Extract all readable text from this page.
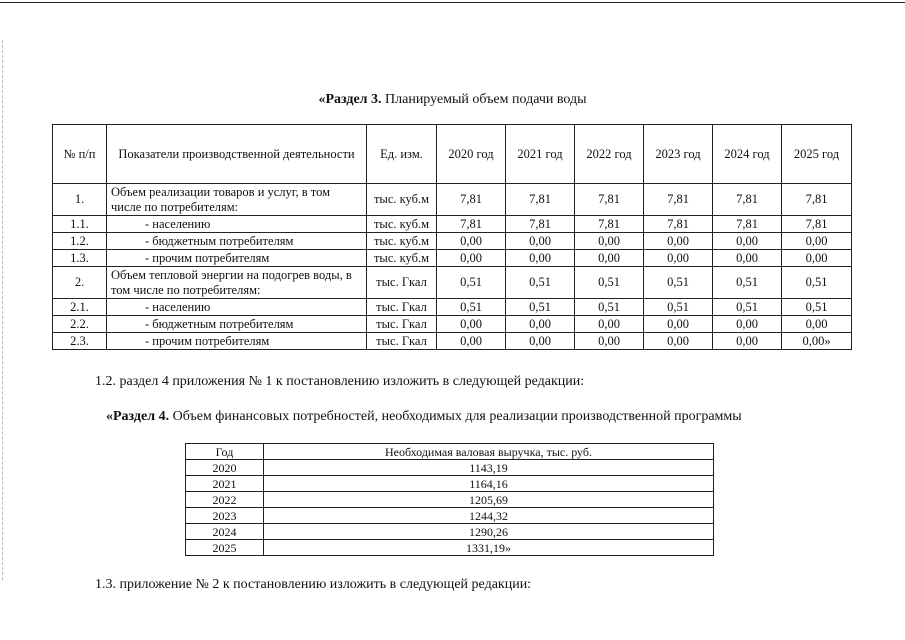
«Раздел 3. Планируемый объем подачи воды
№ п/п	Показатели производственной деятельности	Ед. изм.	2020 год	2021 год	2022 год	2023 год	2024 год	2025 год
1.	Объем реализации товаров и услуг, в том числе по потребителям:	тыс. куб.м	7,81	7,81	7,81	7,81	7,81	7,81
1.1.	- населению	тыс. куб.м	7,81	7,81	7,81	7,81	7,81	7,81
1.2.	- бюджетным потребителям	тыс. куб.м	0,00	0,00	0,00	0,00	0,00	0,00
1.3.	- прочим потребителям	тыс. куб.м	0,00	0,00	0,00	0,00	0,00	0,00
2.	Объем тепловой энергии на подогрев воды, в том числе по потребителям:	тыс. Гкал	0,51	0,51	0,51	0,51	0,51	0,51
2.1.	- населению	тыс. Гкал	0,51	0,51	0,51	0,51	0,51	0,51
2.2.	- бюджетным потребителям	тыс. Гкал	0,00	0,00	0,00	0,00	0,00	0,00
2.3.	- прочим потребителям	тыс. Гкал	0,00	0,00	0,00	0,00	0,00	0,00»
1.2. раздел 4 приложения № 1 к постановлению изложить в следующей редакции:
«Раздел 4. Объем финансовых потребностей, необходимых для реализации производственной программы
Год	Необходимая валовая выручка, тыс. руб.
2020	1143,19
2021	1164,16
2022	1205,69
2023	1244,32
2024	1290,26
2025	1331,19»
1.3. приложение № 2 к постановлению изложить в следующей редакции:
